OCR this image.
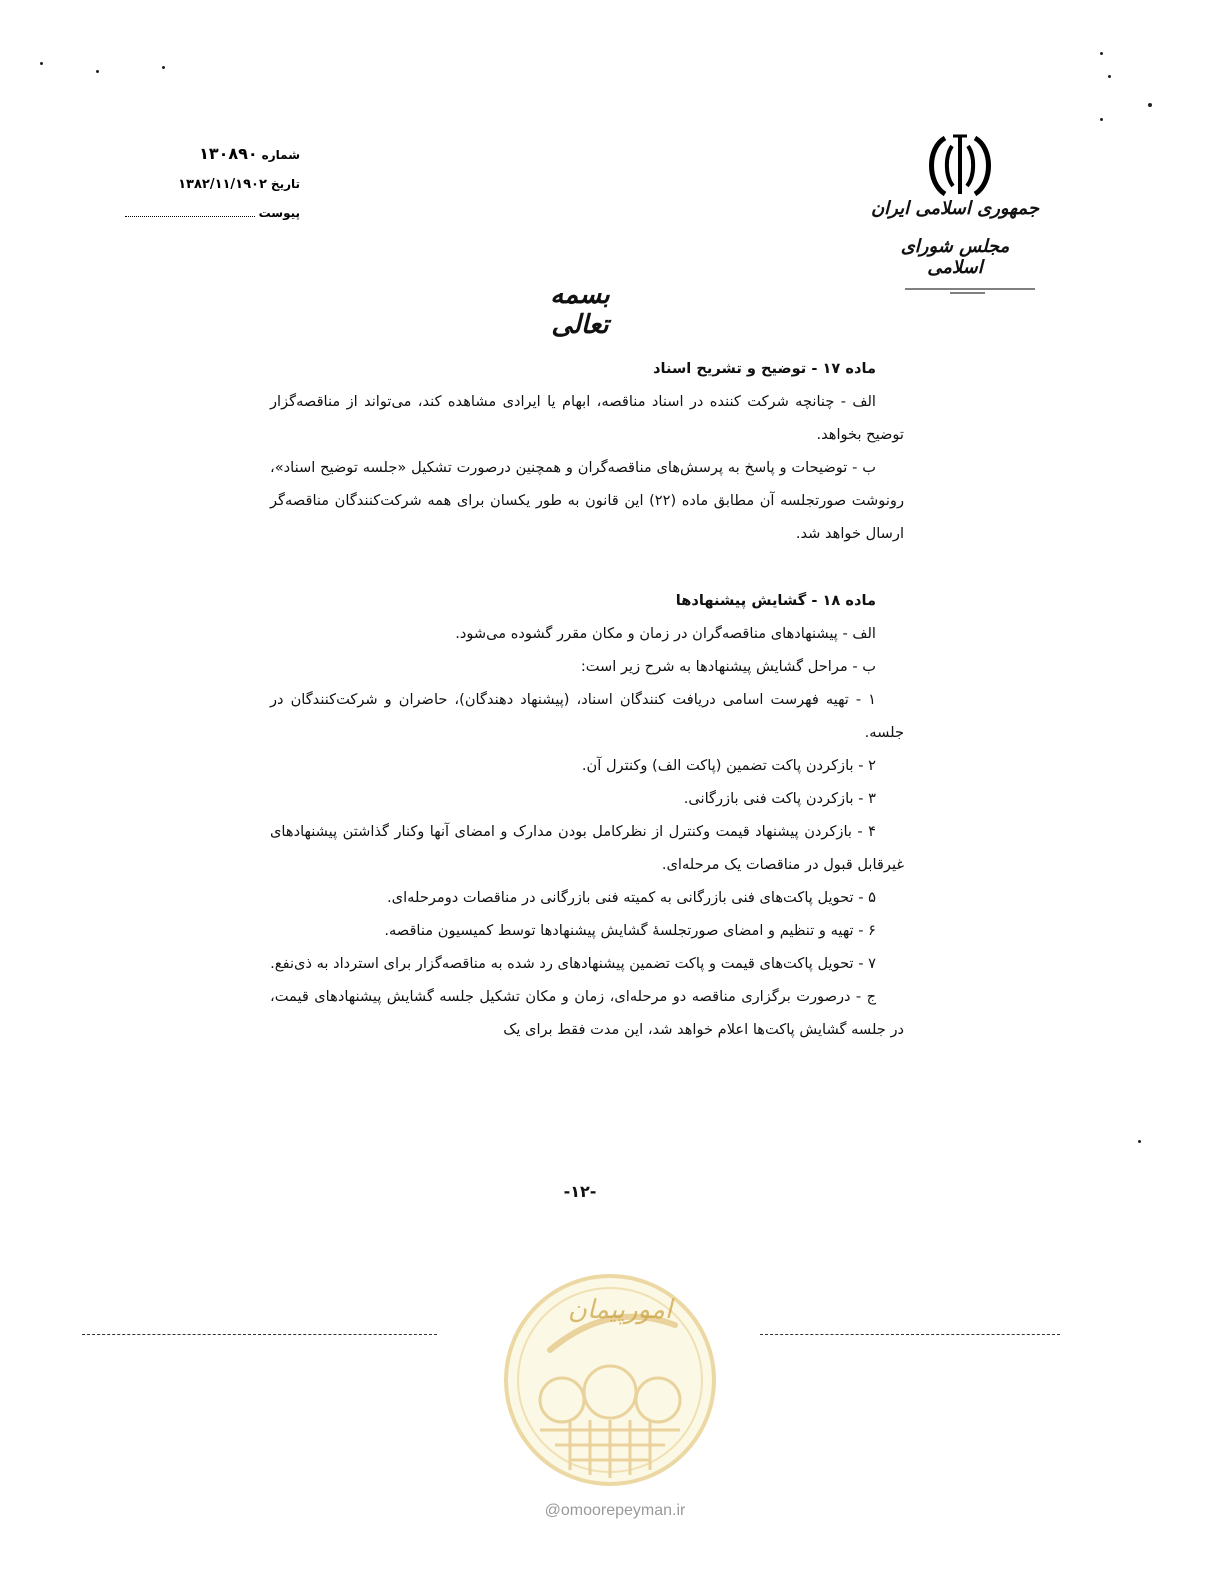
شماره
۱۳۰۸۹۰
تاريخ
۱۳۸۲/۱۱/۱۹۰۲
پیوست	جمهوری اسلامی ایران
مجلس شورای اسلامی
بسمه تعالی

ماده ۱۷ - توضیح و تشریح اسناد

الف - چنانچه شرکت کننده در اسناد مناقصه، ابهام یا ایرادی مشاهده کند، می‌تواند از مناقصه‌گزار توضیح بخواهد.

ب - توضیحات و پاسخ به پرسش‌های مناقصه‌گران و همچنین درصورت تشکیل «جلسه توضیح اسناد»، رونوشت صورتجلسه آن مطابق ماده (۲۲) این قانون به طور یکسان برای همه شرکت‌کنندگان مناقصه‌گر ارسال خواهد شد.

ماده ۱۸ - گشایش پیشنهادها

الف - پیشنهادهای مناقصه‌گران در زمان و مکان مقرر گشوده می‌شود.

ب - مراحل گشایش پیشنهادها به شرح زیر است:

۱ - تهیه فهرست اسامی دریافت کنندگان اسناد، (پیشنهاد دهندگان)، حاضران و شرکت‌کنندگان در جلسه.

۲ - بازکردن پاکت تضمین (پاکت الف) وکنترل آن.

۳ - بازکردن پاکت فنی بازرگانی.

۴ - بازکردن پیشنهاد قیمت وکنترل از نظرکامل بودن مدارک و امضای آنها وکنار گذاشتن پیشنهادهای غیرقابل قبول در مناقصات یک مرحله‌ای.

۵ - تحویل پاکت‌های فنی بازرگانی به کمیته فنی بازرگانی در مناقصات دومرحله‌ای.

۶ - تهیه و تنظیم و امضای صورتجلسهٔ گشایش پیشنهادها توسط کمیسیون مناقصه.

۷ - تحویل پاکت‌های قیمت و پاکت تضمین پیشنهادهای رد شده به مناقصه‌گزار برای استرداد به ذی‌نفع.

ج - درصورت برگزاری مناقصه دو مرحله‌ای، زمان و مکان تشکیل جلسه گشایش پیشنهادهای قیمت، در جلسه گشایش پاکت‌ها اعلام خواهد شد، این مدت فقط برای یک

-۱۲-
امورپیمان
@omoorepeyman.ir
